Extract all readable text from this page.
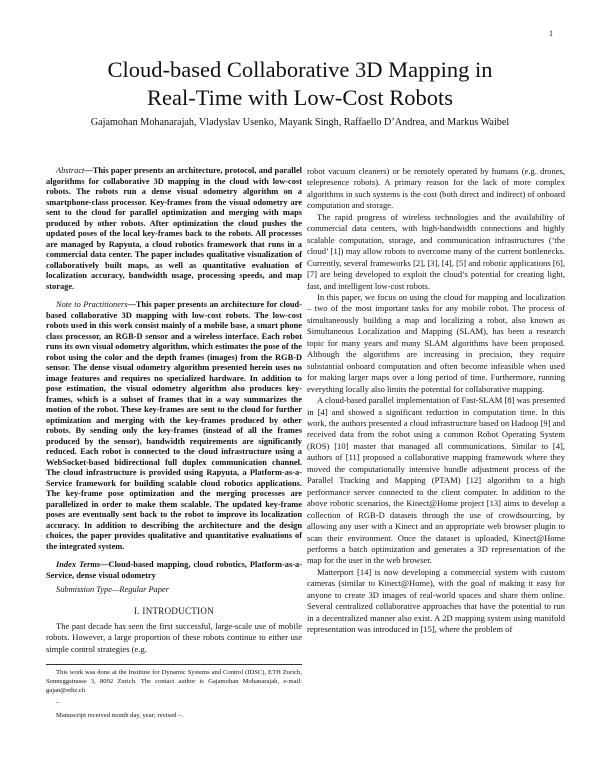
1
Cloud-based Collaborative 3D Mapping in
Real-Time with Low-Cost Robots
Gajamohan Mohanarajah, Vladyslav Usenko, Mayank Singh, Raffaello D’Andrea, and Markus Waibel

Abstract—This paper presents an architecture, protocol, and parallel algorithms for collaborative 3D mapping in the cloud with low-cost robots. The robots run a dense visual odometry algorithm on a smartphone-class processor. Key-frames from the visual odometry are sent to the cloud for parallel optimization and merging with maps produced by other robots. After optimization the cloud pushes the updated poses of the local key-frames back to the robots. All processes are managed by Rapyuta, a cloud robotics framework that runs in a commercial data center. The paper includes qualitative visualization of collaboratively built maps, as well as quantitative evaluation of localization accuracy, bandwidth usage, processing speeds, and map storage.

Note to Practitioners—This paper presents an architecture for cloud-based collaborative 3D mapping with low-cost robots. The low-cost robots used in this work consist mainly of a mobile base, a smart phone class processor, an RGB-D sensor and a wireless interface. Each robot runs its own visual odometry algorithm, which estimates the pose of the robot using the color and the depth frames (images) from the RGB-D sensor. The dense visual odometry algorithm presented herein uses no image features and requires no specialized hardware. In addition to pose estimation, the visual odometry algorithm also produces key-frames, which is a subset of frames that in a way summarizes the motion of the robot. These key-frames are sent to the cloud for further optimization and merging with the key-frames produced by other robots. By sending only the key-frames (instead of all the frames produced by the sensor), bandwidth requirements are significantly reduced. Each robot is connected to the cloud infrastructure using a WebSocket-based bidirectional full duplex communication channel. The cloud infrastructure is provided using Rapyuta, a Platform-as-a-Service framework for building scalable cloud robotics applications. The key-frame pose optimization and the merging processes are parallelized in order to make them scalable. The updated key-frame poses are eventually sent back to the robot to improve its localization accuracy. In addition to describing the architecture and the design choices, the paper provides qualitative and quantitative evaluations of the integrated system.

Index Terms—Cloud-based mapping, cloud robotics, Platform-as-a-Service, dense visual odometry

Submission Type—Regular Paper

I. INTRODUCTION

The past decade has seen the first successful, large-scale use of mobile robots. However, a large proportion of these robots continue to either use simple control strategies (e.g.

This work was done at the Institute for Dynamic Systems and Control (IDSC), ETH Zurich, Sonneggstrasse 3, 8092 Zurich. The contact author is Gajamohan Mohanarajah, e-mail: gajan@ethz.ch

–

Manuscript received month day, year; revised –.

robot vacuum cleaners) or be remotely operated by humans (e.g. drones, telepresence robots). A primary reason for the lack of more complex algorithms in such systems is the cost (both direct and indirect) of onboard computation and storage.

The rapid progress of wireless technologies and the availability of commercial data centers, with high-bandwidth connections and highly scalable computation, storage, and communication infrastructures (‘the cloud’ [1]) may allow robots to overcome many of the current bottlenecks. Currently, several frameworks [2], [3], [4], [5] and robotic applications [6], [7] are being developed to exploit the cloud’s potential for creating light, fast, and intelligent low-cost robots.

In this paper, we focus on using the cloud for mapping and localization – two of the most important tasks for any mobile robot. The process of simultaneously building a map and localizing a robot, also known as Simultaneous Localization and Mapping (SLAM), has been a research topic for many years and many SLAM algorithms have been proposed. Although the algorithms are increasing in precision, they require substantial onboard computation and often become infeasible when used for making larger maps over a long period of time. Furthermore, running everything locally also limits the potential for collaborative mapping.

A cloud-based parallel implementation of Fast-SLAM [8] was presented in [4] and showed a significant reduction in computation time. In this work, the authors presented a cloud infrastructure based on Hadoop [9] and received data from the robot using a common Robot Operating System (ROS) [10] master that managed all communications. Similar to [4], authors of [11] proposed a collaborative mapping framework where they moved the computationally intensive bundle adjustment process of the Parallel Tracking and Mapping (PTAM) [12] algorithm to a high performance server connected to the client computer. In addition to the above robotic scenarios, the Kinect@Home project [13] aims to develop a collection of RGB-D datasets through the use of crowdsourcing, by allowing any user with a Kinect and an appropriate web browser plugin to scan their environment. Once the dataset is uploaded, Kinect@Home performs a batch optimization and generates a 3D representation of the map for the user in the web browser.

Matterport [14] is now developing a commercial system with custom cameras (similar to Kinect@Home), with the goal of making it easy for anyone to create 3D images of real-world spaces and share them online. Several centralized collaborative approaches that have the potential to run in a decentralized manner also exist. A 2D mapping system using manifold representation was introduced in [15], where the problem of
